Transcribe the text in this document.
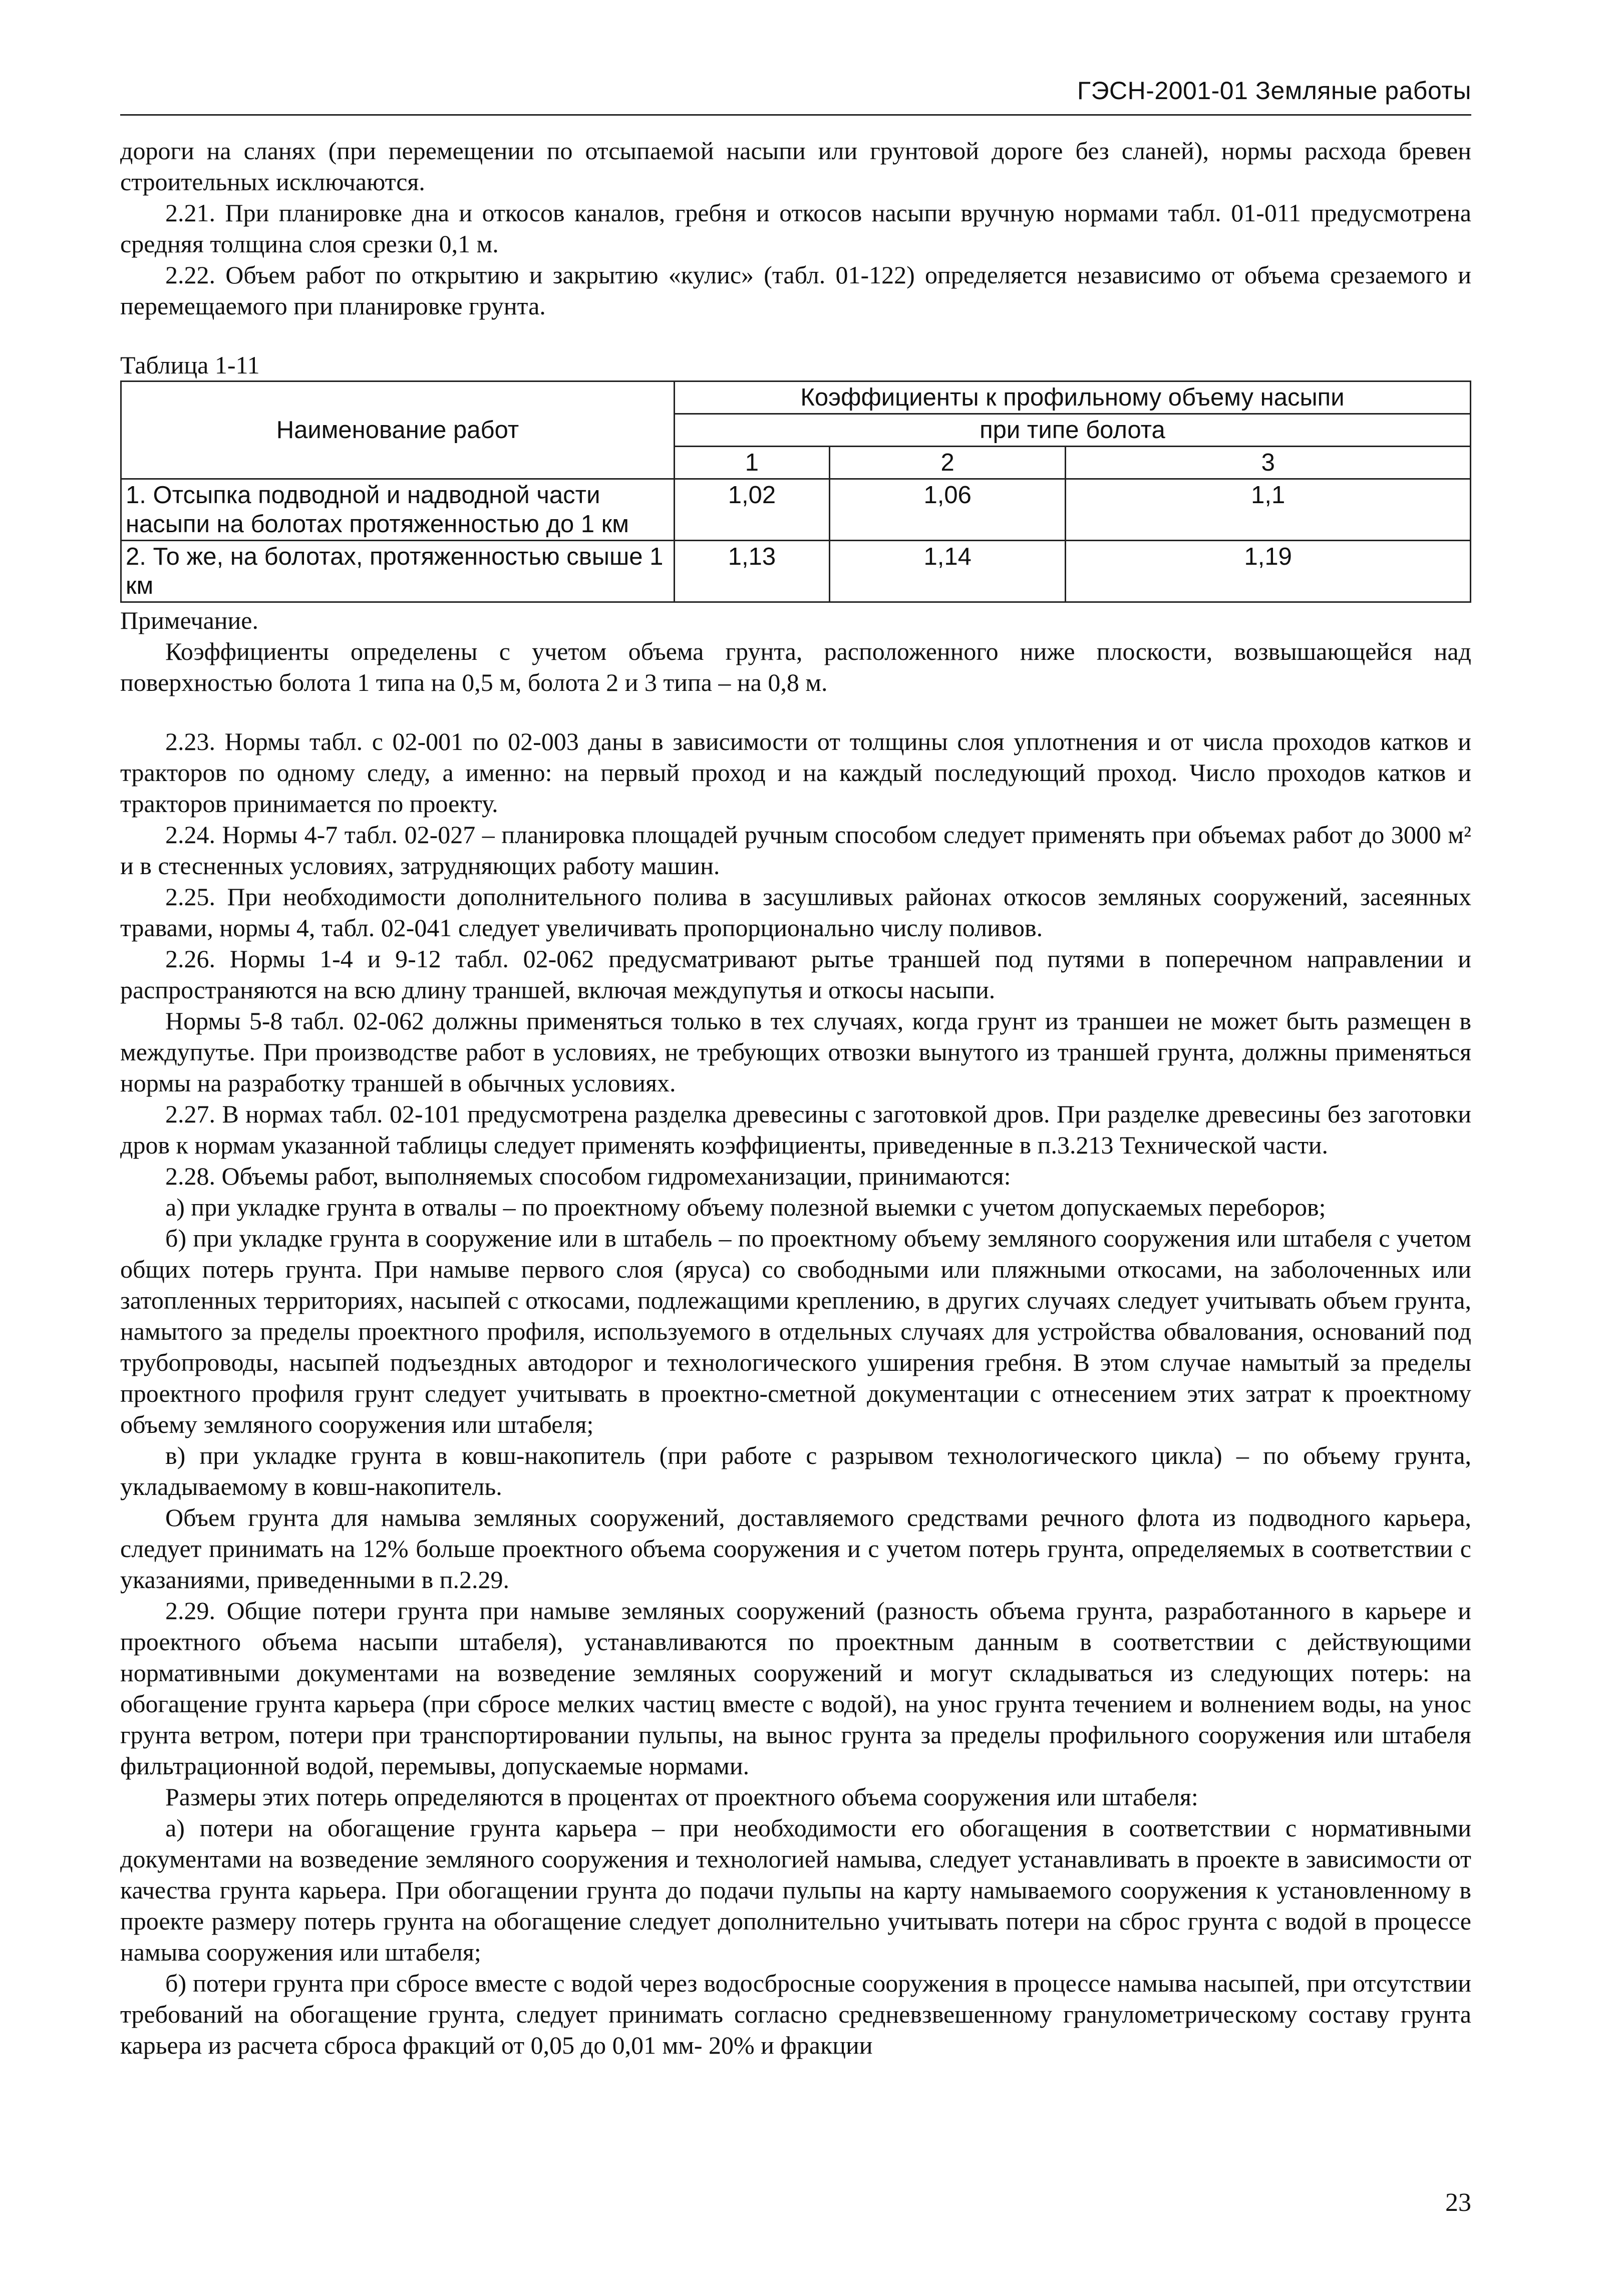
ГЭСН-2001-01 Земляные работы

дороги на сланях (при перемещении по отсыпаемой насыпи или грунтовой дороге без сланей), нормы расхода бревен строительных исключаются.

2.21. При планировке дна и откосов каналов, гребня и откосов насыпи вручную нормами табл. 01-011 предусмотрена средняя толщина слоя срезки 0,1 м.

2.22. Объем работ по открытию и закрытию «кулис» (табл. 01-122) определяется независимо от объема срезаемого и перемещаемого при планировке грунта.

Таблица 1-11

Наименование работ	Коэффициенты к профильному объему насыпи		
	при типе болота		
	1	2	3
1. Отсыпка подводной и надводной части насыпи на болотах протяженностью до 1 км	1,02	1,06	1,1
2. То же, на болотах, протяженностью свыше 1 км	1,13	1,14	1,19

Примечание.

Коэффициенты определены с учетом объема грунта, расположенного ниже плоскости, возвышающейся над поверхностью болота 1 типа на 0,5 м, болота 2 и 3 типа – на 0,8 м.

2.23. Нормы табл. с 02-001 по 02-003 даны в зависимости от толщины слоя уплотнения и от числа проходов катков и тракторов по одному следу, а именно: на первый проход и на каждый последующий проход. Число проходов катков и тракторов принимается по проекту.

2.24. Нормы 4-7 табл. 02-027 – планировка площадей ручным способом следует применять при объемах работ до 3000 м² и в стесненных условиях, затрудняющих работу машин.

2.25. При необходимости дополнительного полива в засушливых районах откосов земляных сооружений, засеянных травами, нормы 4, табл. 02-041 следует увеличивать пропорционально числу поливов.

2.26. Нормы 1-4 и 9-12 табл. 02-062 предусматривают рытье траншей под путями в поперечном направлении и распространяются на всю длину траншей, включая междупутья и откосы насыпи.

Нормы 5-8 табл. 02-062 должны применяться только в тех случаях, когда грунт из траншеи не может быть размещен в междупутье. При производстве работ в условиях, не требующих отвозки вынутого из траншей грунта, должны применяться нормы на разработку траншей в обычных условиях.

2.27. В нормах табл. 02-101 предусмотрена разделка древесины с заготовкой дров. При разделке древесины без заготовки дров к нормам указанной таблицы следует применять коэффициенты, приведенные в п.3.213 Технической части.

2.28. Объемы работ, выполняемых способом гидромеханизации, принимаются:

а) при укладке грунта в отвалы – по проектному объему полезной выемки с учетом допускаемых переборов;

б) при укладке грунта в сооружение или в штабель – по проектному объему земляного сооружения или штабеля с учетом общих потерь грунта. При намыве первого слоя (яруса) со свободными или пляжными откосами, на заболоченных или затопленных территориях, насыпей с откосами, подлежащими креплению, в других случаях следует учитывать объем грунта, намытого за пределы проектного профиля, используемого в отдельных случаях для устройства обвалования, оснований под трубопроводы, насыпей подъездных автодорог и технологического уширения гребня. В этом случае намытый за пределы проектного профиля грунт следует учитывать в проектно-сметной документации с отнесением этих затрат к проектному объему земляного сооружения или штабеля;

в) при укладке грунта в ковш-накопитель (при работе с разрывом технологического цикла) – по объему грунта, укладываемому в ковш-накопитель.

Объем грунта для намыва земляных сооружений, доставляемого средствами речного флота из подводного карьера, следует принимать на 12% больше проектного объема сооружения и с учетом потерь грунта, определяемых в соответствии с указаниями, приведенными в п.2.29.

2.29. Общие потери грунта при намыве земляных сооружений (разность объема грунта, разработанного в карьере и проектного объема насыпи штабеля), устанавливаются по проектным данным в соответствии с действующими нормативными документами на возведение земляных сооружений и могут складываться из следующих потерь: на обогащение грунта карьера (при сбросе мелких частиц вместе с водой), на унос грунта течением и волнением воды, на унос грунта ветром, потери при транспортировании пульпы, на вынос грунта за пределы профильного сооружения или штабеля фильтрационной водой, перемывы, допускаемые нормами.

Размеры этих потерь определяются в процентах от проектного объема сооружения или штабеля:

а) потери на обогащение грунта карьера – при необходимости его обогащения в соответствии с нормативными документами на возведение земляного сооружения и технологией намыва, следует устанавливать в проекте в зависимости от качества грунта карьера. При обогащении грунта до подачи пульпы на карту намываемого сооружения к установленному в проекте размеру потерь грунта на обогащение следует дополнительно учитывать потери на сброс грунта с водой в процессе намыва сооружения или штабеля;

б) потери грунта при сбросе вместе с водой через водосбросные сооружения в процессе намыва насыпей, при отсутствии требований на обогащение грунта, следует принимать согласно средневзвешенному гранулометрическому составу грунта карьера из расчета сброса фракций от 0,05 до 0,01 мм- 20% и фракции

23
